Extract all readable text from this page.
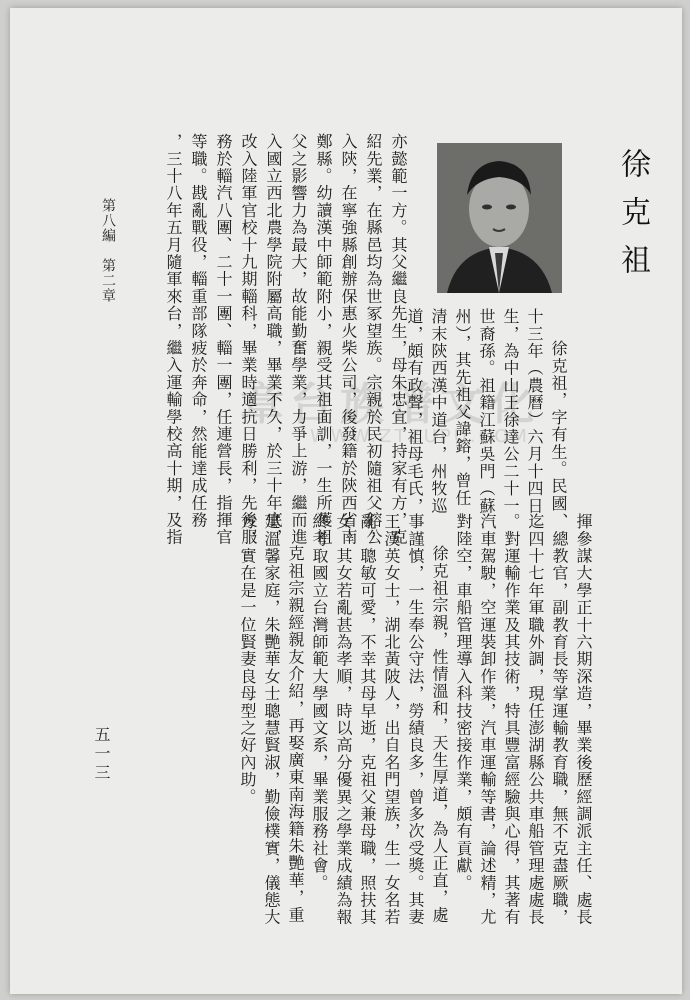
徐克祖
第八編　第二章
五一三
章台族谱文化
WWW.ZTZUPU.COM 徐克祖，字有生。民國
十三年（農曆）六月十四日
生，為中山王徐達公二十一
世裔孫。祖籍江蘇吳門（蘇
州），其先祖父諱鎔，曾任
清末陝西漢中道台，州牧巡
道，頗有政聲，祖母毛氏，
亦懿範一方。其父繼良先生，母朱忠宜，持家有方，克
紹先業，在縣邑均為世冢望族。宗親於民初隨祖父鎔公
入陝，在寧強縣創辦保惠火柴公司，後發籍於陝西省南
鄭縣。幼讀漢中師範附小，親受其祖面訓，一生所獲祖
父之影響力為最大，故能勤奮學業，力爭上游，繼而進
入國立西北農學院附屬高職，畢業不久，於三十年底，
改入陸軍官校十九期輜科，畢業時適抗日勝利，先後服
務於輜汽八團、二十一團、輜一團，任連營長，指揮官
等職。戡亂戰役，輜重部隊疲於奔命，然能達成任務
，三十八年五月隨軍來台，繼入運輸學校高十期，及指
揮參謀大學正十六期深造，畢業後歷經調派主任、處長
、總教官，副教育長等掌運輸教育職，無不克盡厥職，
迄四十七年軍職外調，現任澎湖縣公共車船管理處處長
。對運輸作業及其技術，特具豐富經驗與心得，其著有
汽車駕駛，空運裝卸作業，汽車運輸等書，論述精，尤
對陸空，車船管理導入科技密接作業，頗有貢獻。
徐克祖宗親，性情溫和，天生厚道，為人正直，處
事謹慎，一生奉公守法，勞績良多，曾多次受獎。其妻
王漢英女士，湖北黃陂人，出自名門望族，生一女名若
亂，聰敏可愛，不幸其母早逝，克祖父兼母職，照扶其
女，其女若亂甚為孝順，時以高分優異之學業成績為報
終考取國立台灣師範大學國文系，畢業服務社會。
克祖宗親經親友介紹，再娶廣東南海籍朱艷華，重
建溫馨家庭，朱艷華女士聰慧賢淑，勤儉樸實，儀態大
方，實在是一位賢妻良母型之好內助。
